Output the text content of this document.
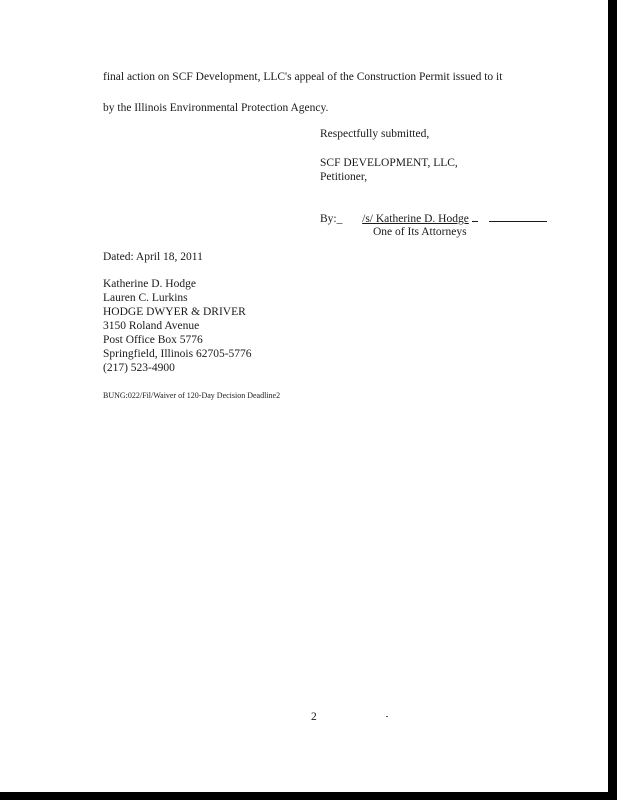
final action on SCF Development, LLC's appeal of the Construction Permit issued to it
by the Illinois Environmental Protection Agency.
Respectfully submitted,
SCF DEVELOPMENT, LLC,
Petitioner,
By:_ /s/ Katherine D. Hodge
One of Its Attorneys
Dated: April 18, 2011
Katherine D. Hodge
Lauren C. Lurkins
HODGE DWYER & DRIVER
3150 Roland Avenue
Post Office Box 5776
Springfield, Illinois 62705-5776
(217) 523-4900
BUNG:022/Fil/Waiver of 120-Day Decision Deadline2
2
